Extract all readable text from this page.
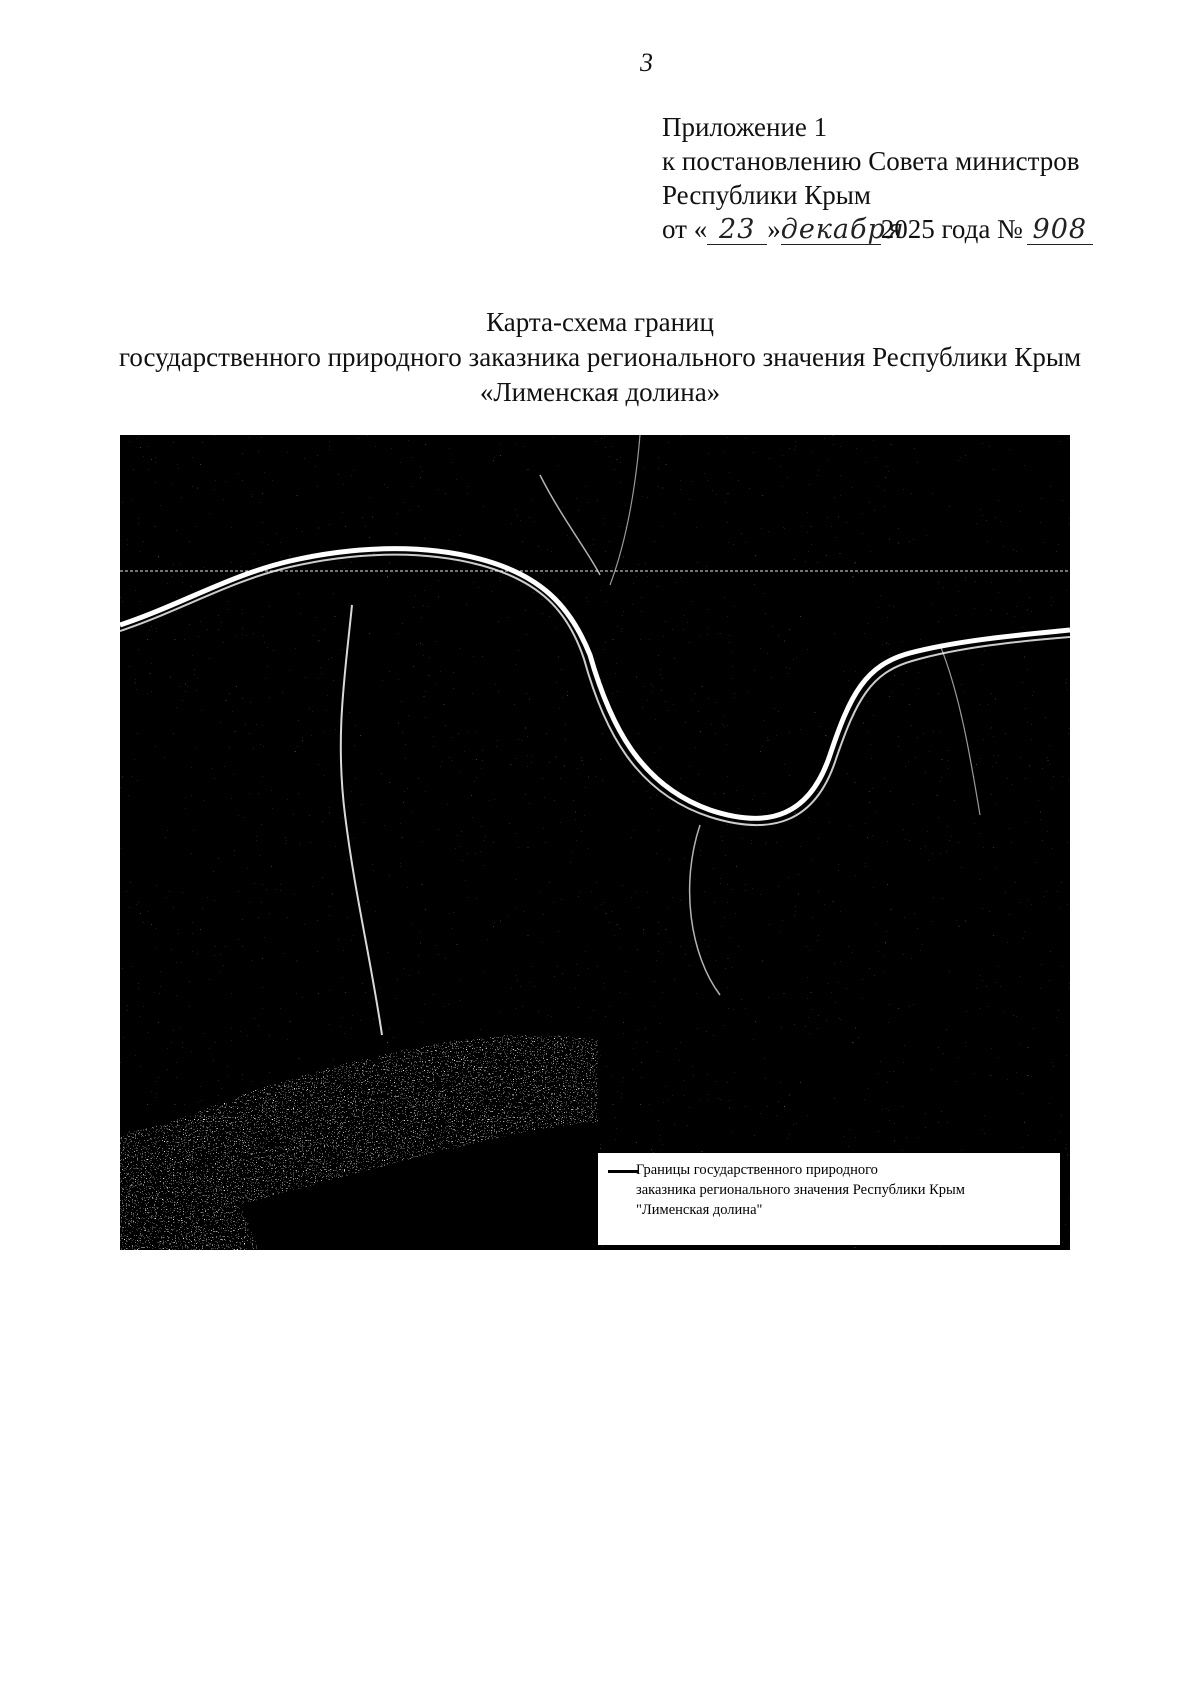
3
Приложение 1
к постановлению Совета министров
Республики Крым
от « 23 »декабря2025 года № 908
Карта-схема границ
государственного природного заказника регионального значения Республики Крым
«Лименская долина»
Границы государственного природного
заказника регионального значения Республики Крым
"Лименская долина"
